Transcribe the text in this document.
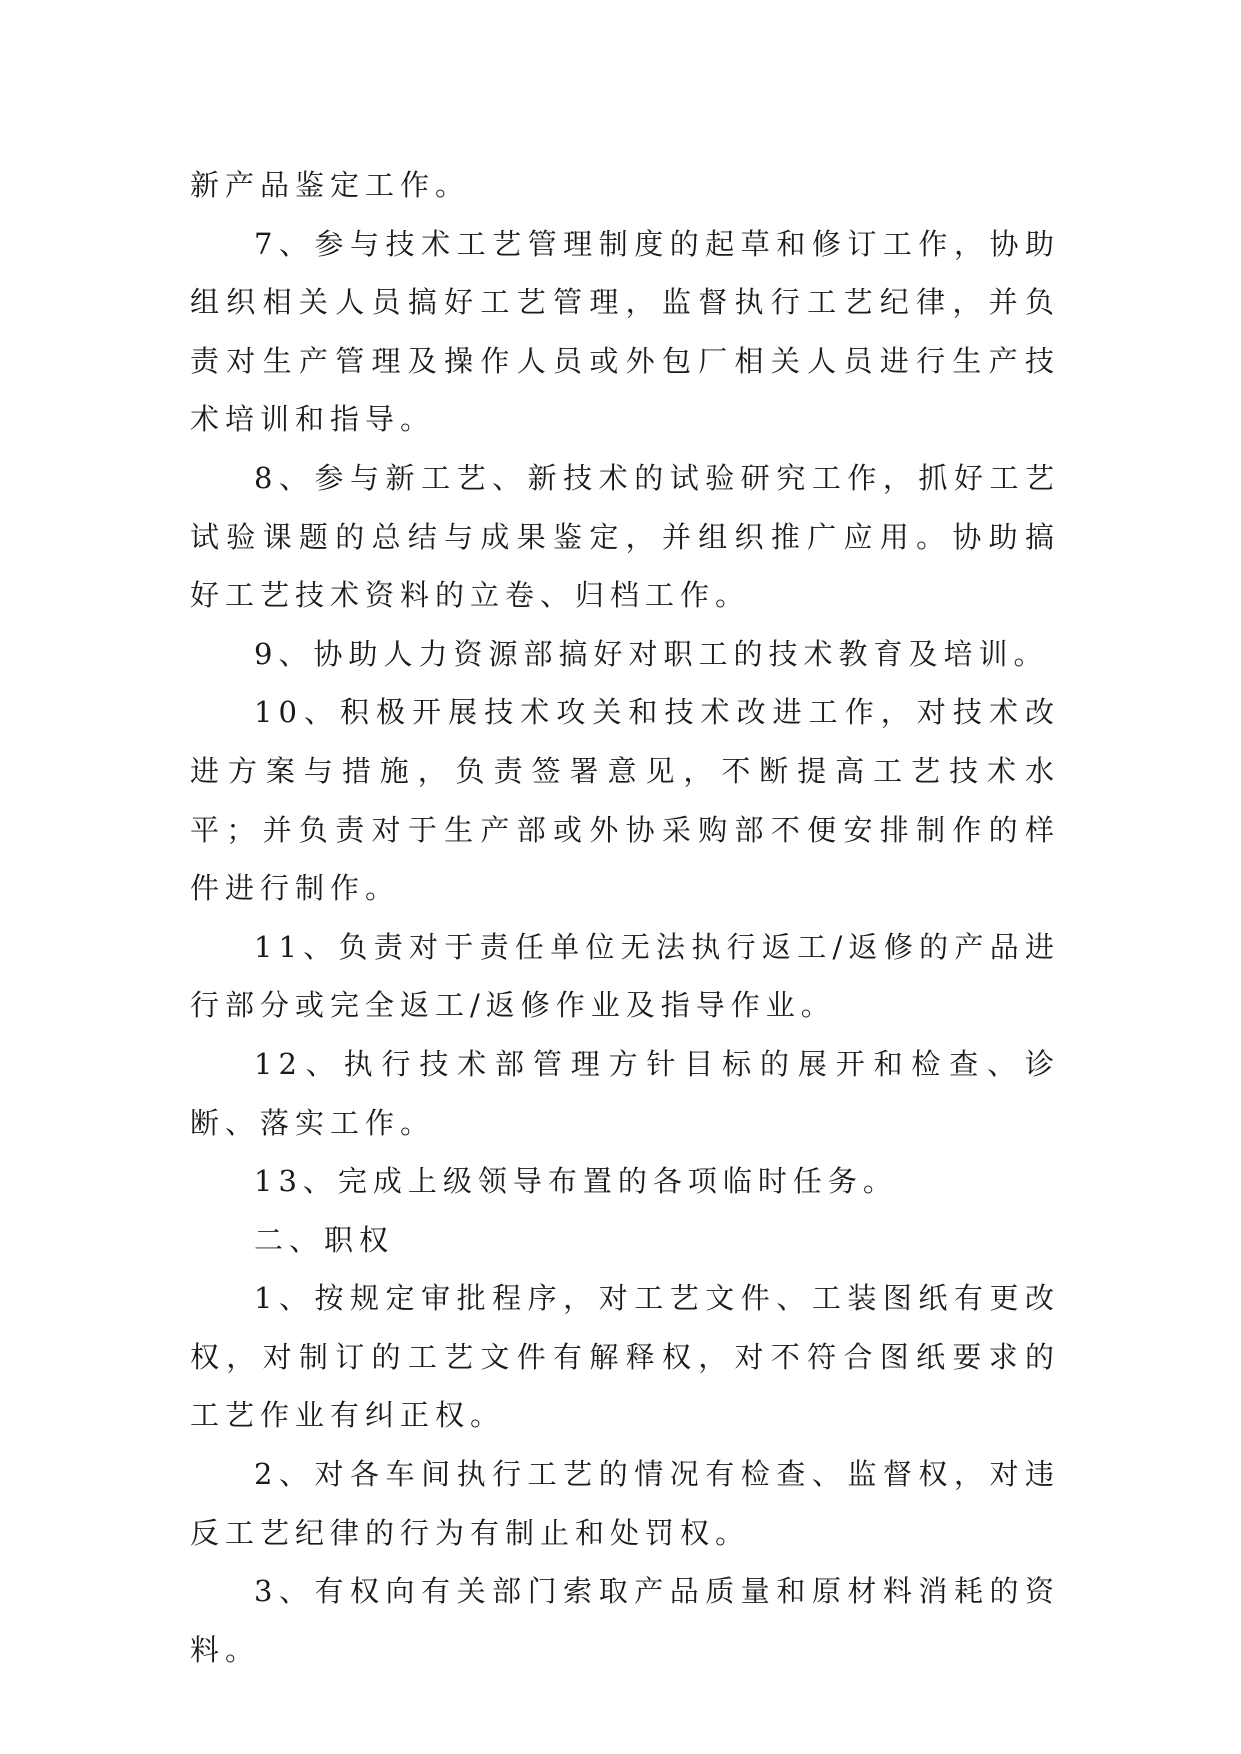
新产品鉴定工作。

7、参与技术工艺管理制度的起草和修订工作，协助组织相关人员搞好工艺管理，监督执行工艺纪律，并负责对生产管理及操作人员或外包厂相关人员进行生产技术培训和指导。

8、参与新工艺、新技术的试验研究工作，抓好工艺试验课题的总结与成果鉴定，并组织推广应用。协助搞好工艺技术资料的立卷、归档工作。

9、协助人力资源部搞好对职工的技术教育及培训。

10、积极开展技术攻关和技术改进工作，对技术改进方案与措施，负责签署意见，不断提高工艺技术水平；并负责对于生产部或外协采购部不便安排制作的样件进行制作。

11、负责对于责任单位无法执行返工/返修的产品进行部分或完全返工/返修作业及指导作业。

12、执行技术部管理方针目标的展开和检查、诊断、落实工作。

13、完成上级领导布置的各项临时任务。

二、职权

1、按规定审批程序，对工艺文件、工装图纸有更改权，对制订的工艺文件有解释权，对不符合图纸要求的工艺作业有纠正权。

2、对各车间执行工艺的情况有检查、监督权，对违反工艺纪律的行为有制止和处罚权。

3、有权向有关部门索取产品质量和原材料消耗的资料。
